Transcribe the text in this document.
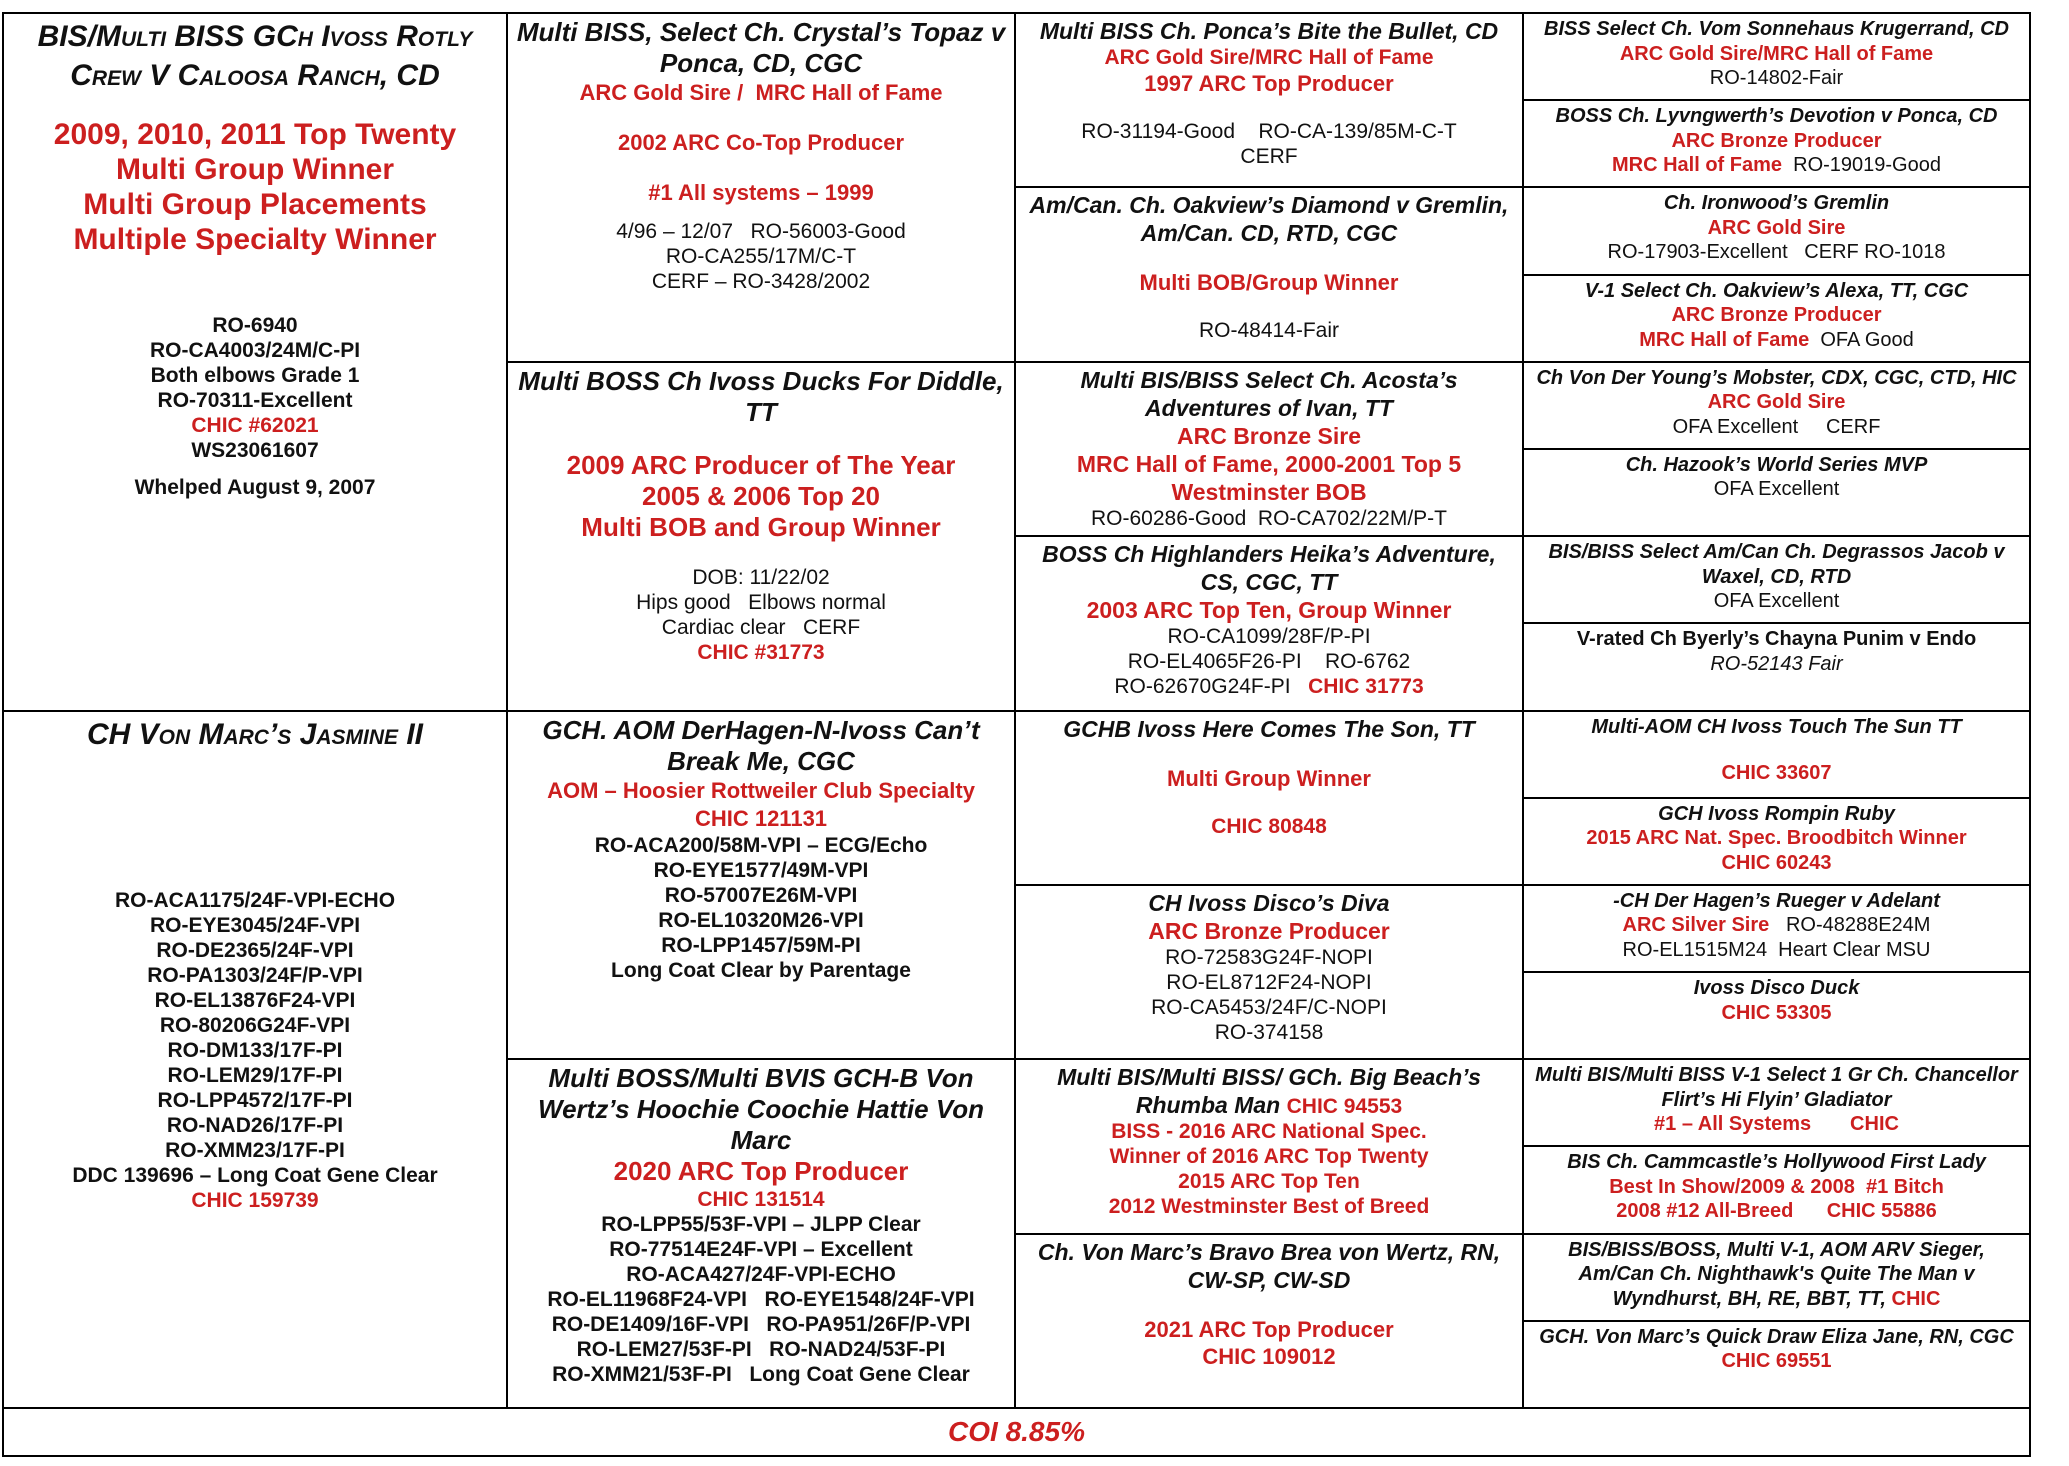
BIS/Multi BISS GCh Ivoss Rotly Crew V Caloosa Ranch, CD
2009, 2010, 2011 Top Twenty
Multi Group Winner
Multi Group Placements
Multiple Specialty Winner
RO-6940
RO-CA4003/24M/C-PI
Both elbows Grade 1
RO-70311-Excellent
CHIC #62021
WS23061607
Whelped August 9, 2007
CH Von Marc’s Jasmine II
RO-ACA1175/24F-VPI-ECHO
RO-EYE3045/24F-VPI
RO-DE2365/24F-VPI
RO-PA1303/24F/P-VPI
RO-EL13876F24-VPI
RO-80206G24F-VPI
RO-DM133/17F-PI
RO-LEM29/17F-PI
RO-LPP4572/17F-PI
RO-NAD26/17F-PI
RO-XMM23/17F-PI
DDC 139696 – Long Coat Gene Clear
CHIC 159739
Multi BISS, Select Ch. Crystal’s Topaz v Ponca, CD, CGC
ARC Gold Sire /  MRC Hall of Fame
2002 ARC Co-Top Producer
#1 All systems – 1999
4/96 – 12/07   RO-56003-Good
RO-CA255/17M/C-T
CERF – RO-3428/2002
Multi BOSS Ch Ivoss Ducks For Diddle, TT
2009 ARC Producer of The Year
2005 & 2006 Top 20
Multi BOB and Group Winner
DOB: 11/22/02
Hips good   Elbows normal
Cardiac clear   CERF
CHIC #31773
GCH. AOM DerHagen-N-Ivoss Can’t Break Me, CGC
AOM – Hoosier Rottweiler Club Specialty
CHIC 121131
RO-ACA200/58M-VPI – ECG/Echo
RO-EYE1577/49M-VPI
RO-57007E26M-VPI
RO-EL10320M26-VPI
RO-LPP1457/59M-PI
Long Coat Clear by Parentage
Multi BOSS/Multi BVIS GCH-B Von Wertz’s Hoochie Coochie Hattie Von Marc
2020 ARC Top Producer
CHIC 131514
RO-LPP55/53F-VPI – JLPP Clear
RO-77514E24F-VPI – Excellent
RO-ACA427/24F-VPI-ECHO
RO-EL11968F24-VPI   RO-EYE1548/24F-VPI
RO-DE1409/16F-VPI   RO-PA951/26F/P-VPI
RO-LEM27/53F-PI   RO-NAD24/53F-PI
RO-XMM21/53F-PI   Long Coat Gene Clear
Multi BISS Ch. Ponca’s Bite the Bullet, CD  ARC Gold Sire/MRC Hall of Fame
1997 ARC Top Producer
RO-31194-Good    RO-CA-139/85M-C-T
CERF
Am/Can. Ch. Oakview’s Diamond v Gremlin, Am/Can. CD, RTD, CGC
Multi BOB/Group Winner
RO-48414-Fair
Multi BIS/BISS Select Ch. Acosta’s Adventures of Ivan, TT
ARC Bronze Sire
MRC Hall of Fame, 2000-2001 Top 5
Westminster BOB
RO-60286-Good  RO-CA702/22M/P-T
BOSS Ch Highlanders Heika’s Adventure, CS, CGC, TT
2003 ARC Top Ten, Group Winner
RO-CA1099/28F/P-PI
RO-EL4065F26-PI    RO-6762
RO-62670G24F-PI   CHIC 31773
GCHB Ivoss Here Comes The Son, TT
Multi Group Winner
CHIC 80848
CH Ivoss Disco’s Diva
ARC Bronze Producer
RO-72583G24F-NOPI
RO-EL8712F24-NOPI
RO-CA5453/24F/C-NOPI
RO-374158
Multi BIS/Multi BISS/ GCh. Big Beach’s Rhumba Man CHIC 94553
BISS - 2016 ARC National Spec.
Winner of 2016 ARC Top Twenty
2015 ARC Top Ten
2012 Westminster Best of Breed
Ch. Von Marc’s Bravo Brea von Wertz, RN, CW-SP, CW-SD
2021 ARC Top Producer
CHIC 109012
BISS Select Ch. Vom Sonnehaus Krugerrand, CD  ARC Gold Sire/MRC Hall of Fame
RO-14802-Fair
BOSS Ch. Lyvngwerth’s Devotion v Ponca, CD       ARC Bronze Producer
MRC Hall of Fame  RO-19019-Good
Ch. Ironwood’s Gremlin
ARC Gold Sire
RO-17903-Excellent   CERF RO-1018
V-1 Select Ch. Oakview’s Alexa, TT, CGC
ARC Bronze Producer
MRC Hall of Fame  OFA Good
Ch Von Der Young’s Mobster, CDX, CGC, CTD, HIC         ARC Gold Sire
OFA Excellent     CERF
Ch. Hazook’s World Series MVP
OFA Excellent
BIS/BISS Select Am/Can Ch. Degrassos Jacob v Waxel, CD, RTD
OFA Excellent
V-rated Ch Byerly’s Chayna Punim v Endo
RO-52143 Fair
Multi-AOM CH Ivoss Touch The Sun TT
CHIC 33607
GCH Ivoss Rompin Ruby
2015 ARC Nat. Spec. Broodbitch Winner
CHIC 60243
-CH Der Hagen’s Rueger v Adelant
ARC Silver Sire   RO-48288E24M
RO-EL1515M24  Heart Clear MSU
Ivoss Disco Duck
CHIC 53305
Multi BIS/Multi BISS V-1 Select 1 Gr Ch. Chancellor Flirt’s Hi Flyin’ Gladiator
#1 – All Systems       CHIC
BIS Ch. Cammcastle’s Hollywood First Lady
Best In Show/2009 & 2008  #1 Bitch
2008 #12 All-Breed      CHIC 55886
BIS/BISS/BOSS, Multi V-1, AOM ARV Sieger, Am/Can Ch. Nighthawk's Quite The Man v Wyndhurst, BH, RE, BBT, TT, CHIC
GCH. Von Marc’s Quick Draw Eliza Jane, RN, CGC
CHIC 69551
COI 8.85%
